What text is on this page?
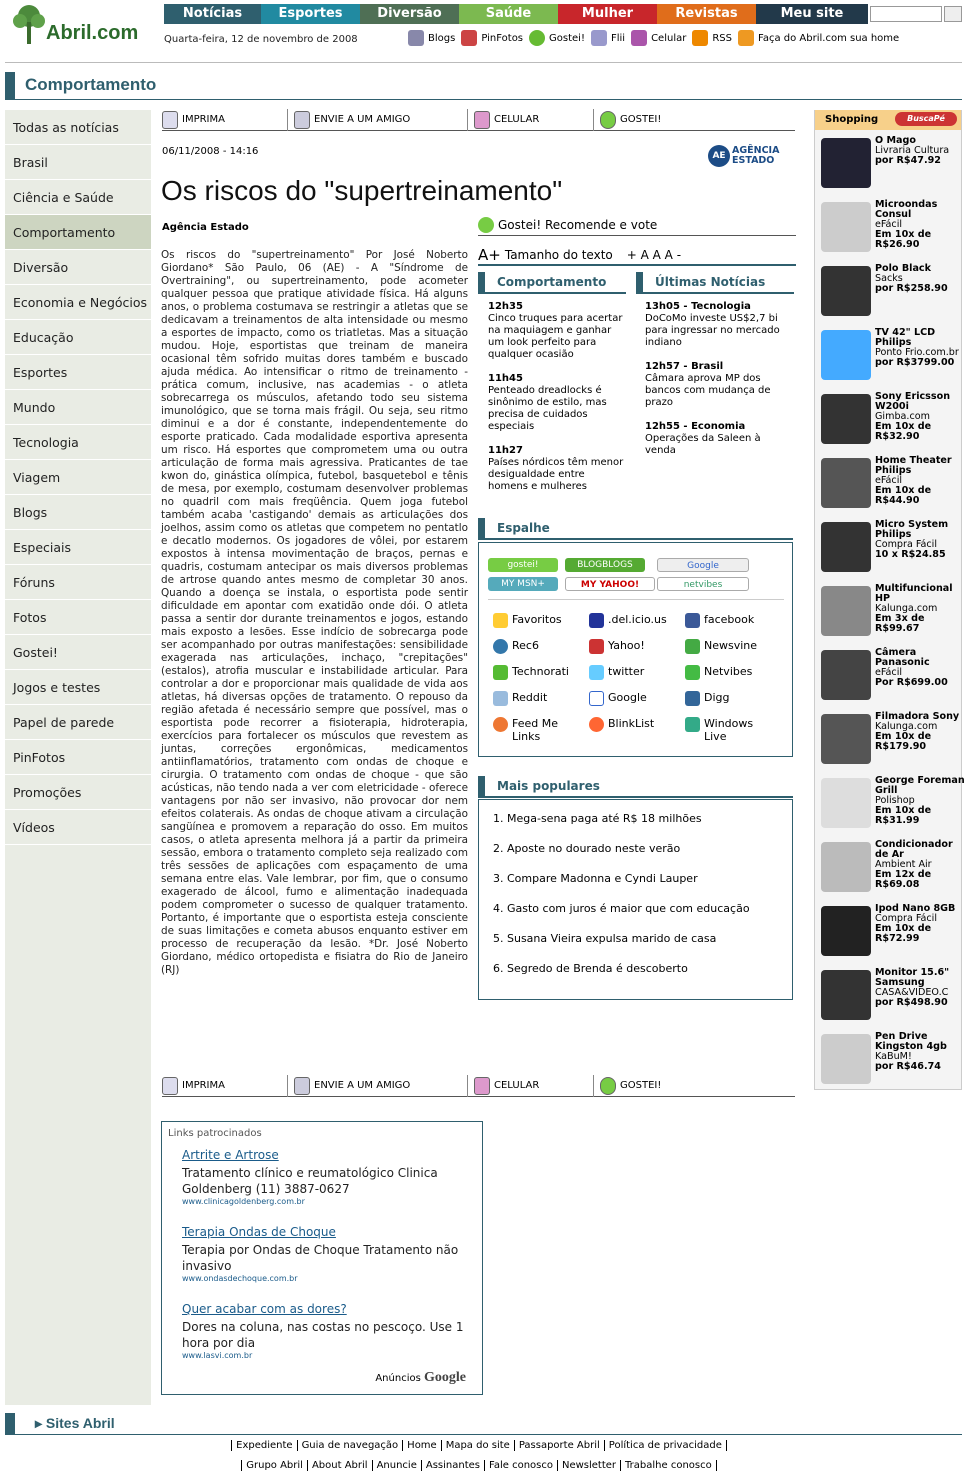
Abril.com
Notícias	Esportes	Diversão	Saúde	Mulher	Revistas	Meu site
Quarta-feira, 12 de novembro de 2008	Blogs	PinFotos	Gostei!	Flii	Celular	RSS	Faça do Abril.com sua home
Comportamento
Todas as notícias
Brasil
Ciência e Saúde
Comportamento
Diversão
Economia e Negócios
Educação
Esportes
Mundo
Tecnologia
Viagem
Blogs
Especiais
Fóruns
Fotos
Gostei!
Jogos e testes
Papel de parede
PinFotos
Promoções
Vídeos
IMPRIMA	ENVIE A UM AMIGO	CELULAR	GOSTEI!
06/11/2008 - 14:16	AE AGÊNCIA ESTADO
Os riscos do "supertreinamento"
Agência Estado
Os riscos do "supertreinamento" Por José Noberto Giordano* São Paulo, 06 (AE) - A "Síndrome de Overtraining", ou supertreinamento, pode acometer qualquer pessoa que pratique atividade física. Há alguns anos, o problema costumava se restringir a atletas que se dedicavam a treinamentos de alta intensidade ou mesmo a esportes de impacto, como os triatletas. Mas a situação mudou. Hoje, esportistas que treinam de maneira ocasional têm sofrido muitas dores também e buscado ajuda médica. Ao intensificar o ritmo de treinamento - prática comum, inclusive, nas academias - o atleta sobrecarrega os músculos, afetando todo seu sistema imunológico, que se torna mais frágil. Ou seja, seu ritmo diminui e a dor é constante, independentemente do esporte praticado. Cada modalidade esportiva apresenta um risco. Há esportes que comprometem uma ou outra articulação de forma mais agressiva. Praticantes de tae kwon do, ginástica olímpica, futebol, basquetebol e tênis de mesa, por exemplo, costumam desenvolver problemas no quadril com mais freqüência. Quem joga futebol também acaba 'castigando' demais as articulações dos joelhos, assim como os atletas que competem no pentatlo e decatlo modernos. Os jogadores de vôlei, por estarem expostos à intensa movimentação de braços, pernas e quadris, costumam antecipar os mais diversos problemas de artrose quando antes mesmo de completar 30 anos. Quando a doença se instala, o esportista pode sentir dificuldade em apontar com exatidão onde dói. O atleta passa a sentir dor durante treinamentos e jogos, estando mais exposto a lesões. Esse indício de sobrecarga pode ser acompanhado por outras manifestações: sensibilidade exagerada nas articulações, inchaço, "crepitações" (estalos), atrofia muscular e instabilidade articular. Para controlar a dor e proporcionar mais qualidade de vida aos atletas, há diversas opções de tratamento. O repouso da região afetada é necessário sempre que possível, mas o esportista pode recorrer a fisioterapia, hidroterapia, exercícios para fortalecer os músculos que revestem as juntas, correções ergonômicas, medicamentos antiinflamatórios, tratamento com ondas de choque e cirurgia. O tratamento com ondas de choque - que são acústicas, não tendo nada a ver com eletricidade - oferece vantagens por não ser invasivo, não provocar dor nem efeitos colaterais. As ondas de choque ativam a circulação sangüínea e promovem a reparação do osso. Em muitos casos, o atleta apresenta melhora já a partir da primeira sessão, embora o tratamento completo seja realizado com três sessões de aplicações com espaçamento de uma semana entre elas. Vale lembrar, por fim, que o consumo exagerado de álcool, fumo e alimentação inadequada podem comprometer o sucesso de qualquer tratamento. Portanto, é importante que o esportista esteja consciente de suas limitações e cometa abusos enquanto estiver em processo de recuperação da lesão. *Dr. José Noberto Giordano, médico ortopedista e fisiatra do Rio de Janeiro (RJ)
Gostei! Recomende e vote
A+ Tamanho do texto + A A A -
Comportamento
12h35
Cinco truques para acertar na maquiagem e ganhar um look perfeito para qualquer ocasião
11h45
Penteado dreadlocks é sinônimo de estilo, mas precisa de cuidados especiais
11h27
Países nórdicos têm menor desigualdade entre homens e mulheres
Últimas Notícias
13h05 - Tecnologia
DoCoMo investe US$2,7 bi para ingressar no mercado indiano
12h57 - Brasil
Câmara aprova MP dos bancos com mudança de prazo
12h55 - Economia
Operações da Saleen à venda
Espalhe
gostei!	BLOGBLOGS	Google
MY MSN+	MY YAHOO!	netvibes
Favoritos	.del.icio.us	facebook
Rec6	Yahoo!	Newsvine
Technorati	twitter	Netvibes
Reddit	Google	Digg
Feed Me Links
BlinkList	Windows Live
Mais populares
1. Mega-sena paga até R$ 18 milhões
2. Aposte no dourado neste verão
3. Compare Madonna e Cyndi Lauper
4. Gasto com juros é maior que com educação
5. Susana Vieira expulsa marido de casa
6. Segredo de Brenda é descoberto
Shopping	BuscaPé
O Mago
Livraria Cultura
por R$47.92
Microondas Consul
eFácil
Em 10x de R$26.90
Polo Black
Sacks
por R$258.90
TV 42" LCD Philips
Ponto Frio.com.br
por R$3799.00
Sony Ericsson W200i
Gimba.com
Em 10x de R$32.90
Home Theater Philips
eFácil
Em 10x de R$44.90
Micro System Philips
Compra Fácil
10 x R$24.85
Multifuncional HP
Kalunga.com
Em 3x de R$99.67
Câmera Panasonic
eFácil
Por R$699.00
Filmadora Sony
Kalunga.com
Em 10x de R$179.90
George Foreman Grill
Polishop
Em 10x de R$31.99
Condicionador de Ar
Ambient Air
Em 12x de R$69.08
Ipod Nano 8GB
Compra Fácil
Em 10x de R$72.99
Monitor 15.6" Samsung
CASA&VIDEO.C
por R$498.90
Pen Drive Kingston 4gb
KaBuM!
por R$46.74
IMPRIMA	ENVIE A UM AMIGO	CELULAR	GOSTEI!
Links patrocinados
Artrite e Artrose
Tratamento clínico e reumatológico Clinica Goldenberg (11) 3887-0627
www.clinicagoldenberg.com.br
Terapia Ondas de Choque
Terapia por Ondas de Choque Tratamento não invasivo
www.ondasdechoque.com.br
Quer acabar com as dores?
Dores na coluna, nas costas no pescoço. Use 1 hora por dia
www.lasvi.com.br
Anúncios Google
▸ Sites Abril
Expediente Guia de navegação Home Mapa do site Passaporte Abril Política de privacidade
Grupo Abril About Abril Anuncie Assinantes Fale conosco Newsletter Trabalhe conosco
